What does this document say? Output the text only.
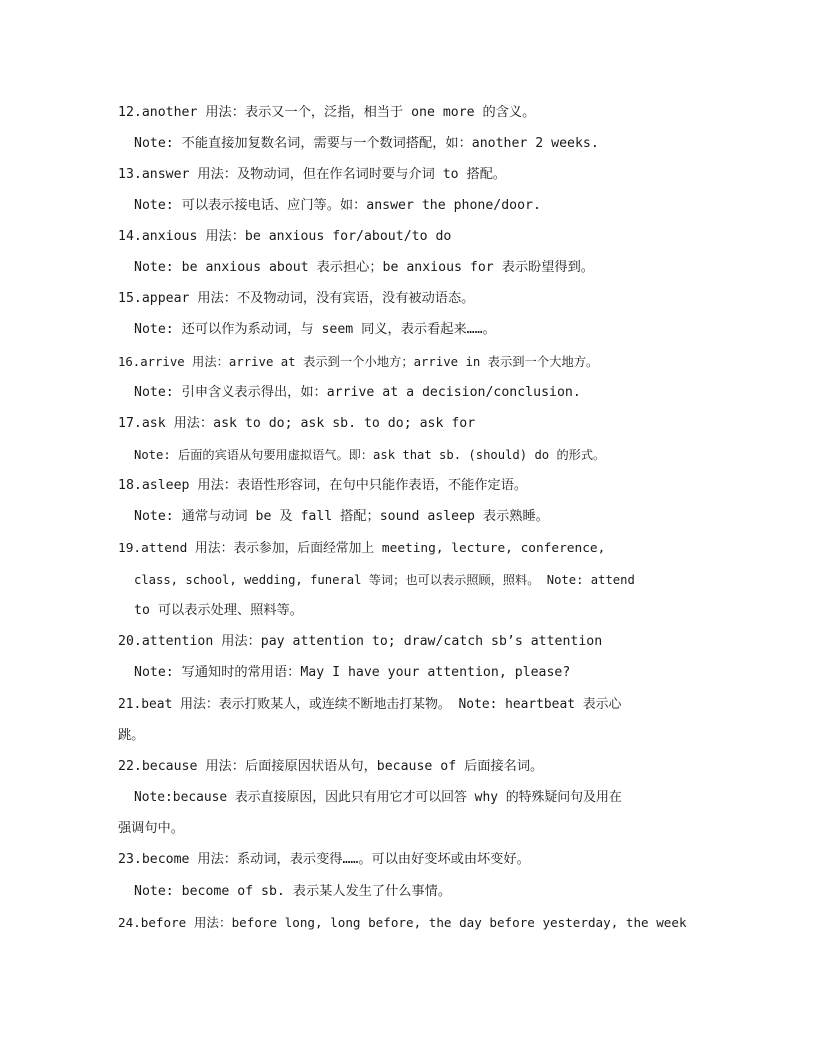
12.another 用法：表示又一个，泛指，相当于 one more 的含义。
Note: 不能直接加复数名词，需要与一个数词搭配，如：another 2 weeks.
13.answer 用法：及物动词，但在作名词时要与介词 to 搭配。
Note: 可以表示接电话、应门等。如：answer the phone/door.
14.anxious 用法：be anxious for/about/to do
Note: be anxious about 表示担心；be anxious for 表示盼望得到。
15.appear 用法：不及物动词，没有宾语，没有被动语态。
Note: 还可以作为系动词，与 seem 同义，表示看起来……。
16.arrive 用法：arrive at 表示到一个小地方；arrive in 表示到一个大地方。
Note: 引申含义表示得出，如：arrive at a decision/conclusion.
17.ask 用法：ask to do; ask sb. to do; ask for
Note: 后面的宾语从句要用虚拟语气。即：ask that sb. (should) do 的形式。
18.asleep 用法：表语性形容词，在句中只能作表语，不能作定语。
Note: 通常与动词 be 及 fall 搭配；sound asleep 表示熟睡。
19.attend 用法：表示参加，后面经常加上 meeting, lecture, conference,
class, school, wedding, funeral 等词；也可以表示照顾，照料。 Note: attend
to 可以表示处理、照料等。
20.attention 用法：pay attention to; draw/catch sb’s attention
Note: 写通知时的常用语：May I have your attention, please?
21.beat 用法：表示打败某人，或连续不断地击打某物。 Note: heartbeat 表示心
跳。
22.because 用法：后面接原因状语从句，because of 后面接名词。
Note:because 表示直接原因，因此只有用它才可以回答 why 的特殊疑问句及用在
强调句中。
23.become 用法：系动词，表示变得……。可以由好变坏或由坏变好。
Note: become of sb. 表示某人发生了什么事情。
24.before 用法：before long, long before, the day before yesterday, the week
